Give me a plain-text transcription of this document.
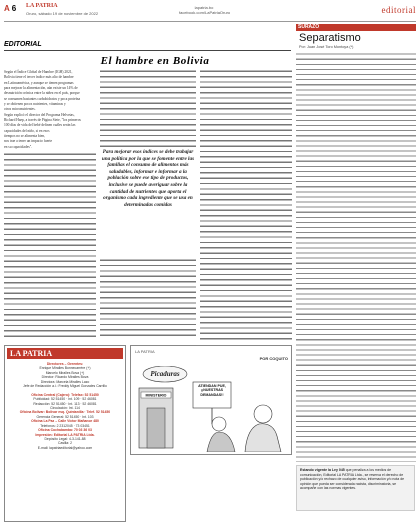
A 6 LA PATRIA
Oruro, sábado 19 de noviembre de 2022
lapatria.bo
facebook.com/LaPatriaOruro	editorial
EDITORIAL
El hambre en Bolivia
Según el Índice Global de Hambre (IGH) 2021,
Bolivia tiene el tercer índice más alto de hambre
en Latinoamérica, y aunque se tienen programas
para mejorar la alimentación, aún existe un 14% de
desnutrición crónica entre la niñez en el país, porque
se consumen bastantes carbohidratos y poca proteína
y se obtienen pocos nutrientes, vitaminas y
otros micronutrientes.
Según explicó el director del Programa Helvetas,
Richard Haep, a través de Página Siete, "los primeros
100 días de vida del bebé definen cuáles serán las
capacidades del niño, si en esos
tiempos no se alimenta bien,
nos trae a tener un impacto fuerte
en su capacidades".
Para mejorar esos índices se debe trabajar una política por la que se fomente entre las familias el consumo de alimentos más saludables, informar e informar a la población sobre ese tipo de productos, inclusive se puede averiguar sobre la cantidad de nutrientes que aporta el organismo cada ingrediente que se usa en determinadas comidas
SURAZO
Separatismo
Por: Juan José Toro Montoya (*)
Estando vigente la Ley 045 que penaliza a los medios de comunicación, Editorial LA PATRIA Ltda., se reserva el derecho de publicación y/o rechazo de cualquier aviso, información y/o nota de opinión que pueda ser considerada racista, discriminatoria, se acompañe con las normas vigentes.
LA PATRIA
Directores – Gerentes:
Enrique Miralles Bonnecarrère (+)
Marcelo Miralles Bova (+)
Director: Ricardo Miralles Bova
Directora: Marcela Miralles Lazo
Jefe de Redacción a.i.: Freddy Miguel Gonzales Carrillo

Oficina Central (Cajero): Telefax: 52 51450
Publicidad: 52 51450 · Int. 109 · 52 46081
Redacción: 52 51450 · Int. 113 · 52 46081
Circulación: Int. 114
Oficina Bolivar: Bolivar esq. Quintanilla · Telef. 52 51450
Gerencia General: 52 51450 · Int. 103
Oficina La Paz – Calle Víctor Mañanoe 480
Telefonos: 2 2312045 · 73 03451
Oficina Cochabamba: 70 03 36 03
Impresión: Editorial LA PATRIA Ltda.
Depósito Legal: 4-3-141-88
Casilla: 2
E-mail: lapatriaeditorial@yahoo.com
LA PATRIA
POR COQUITO
Picaduras
MINISTERIO
ATIENDAN PUE, ¡¡NUESTRAS DEMANDAS!!
